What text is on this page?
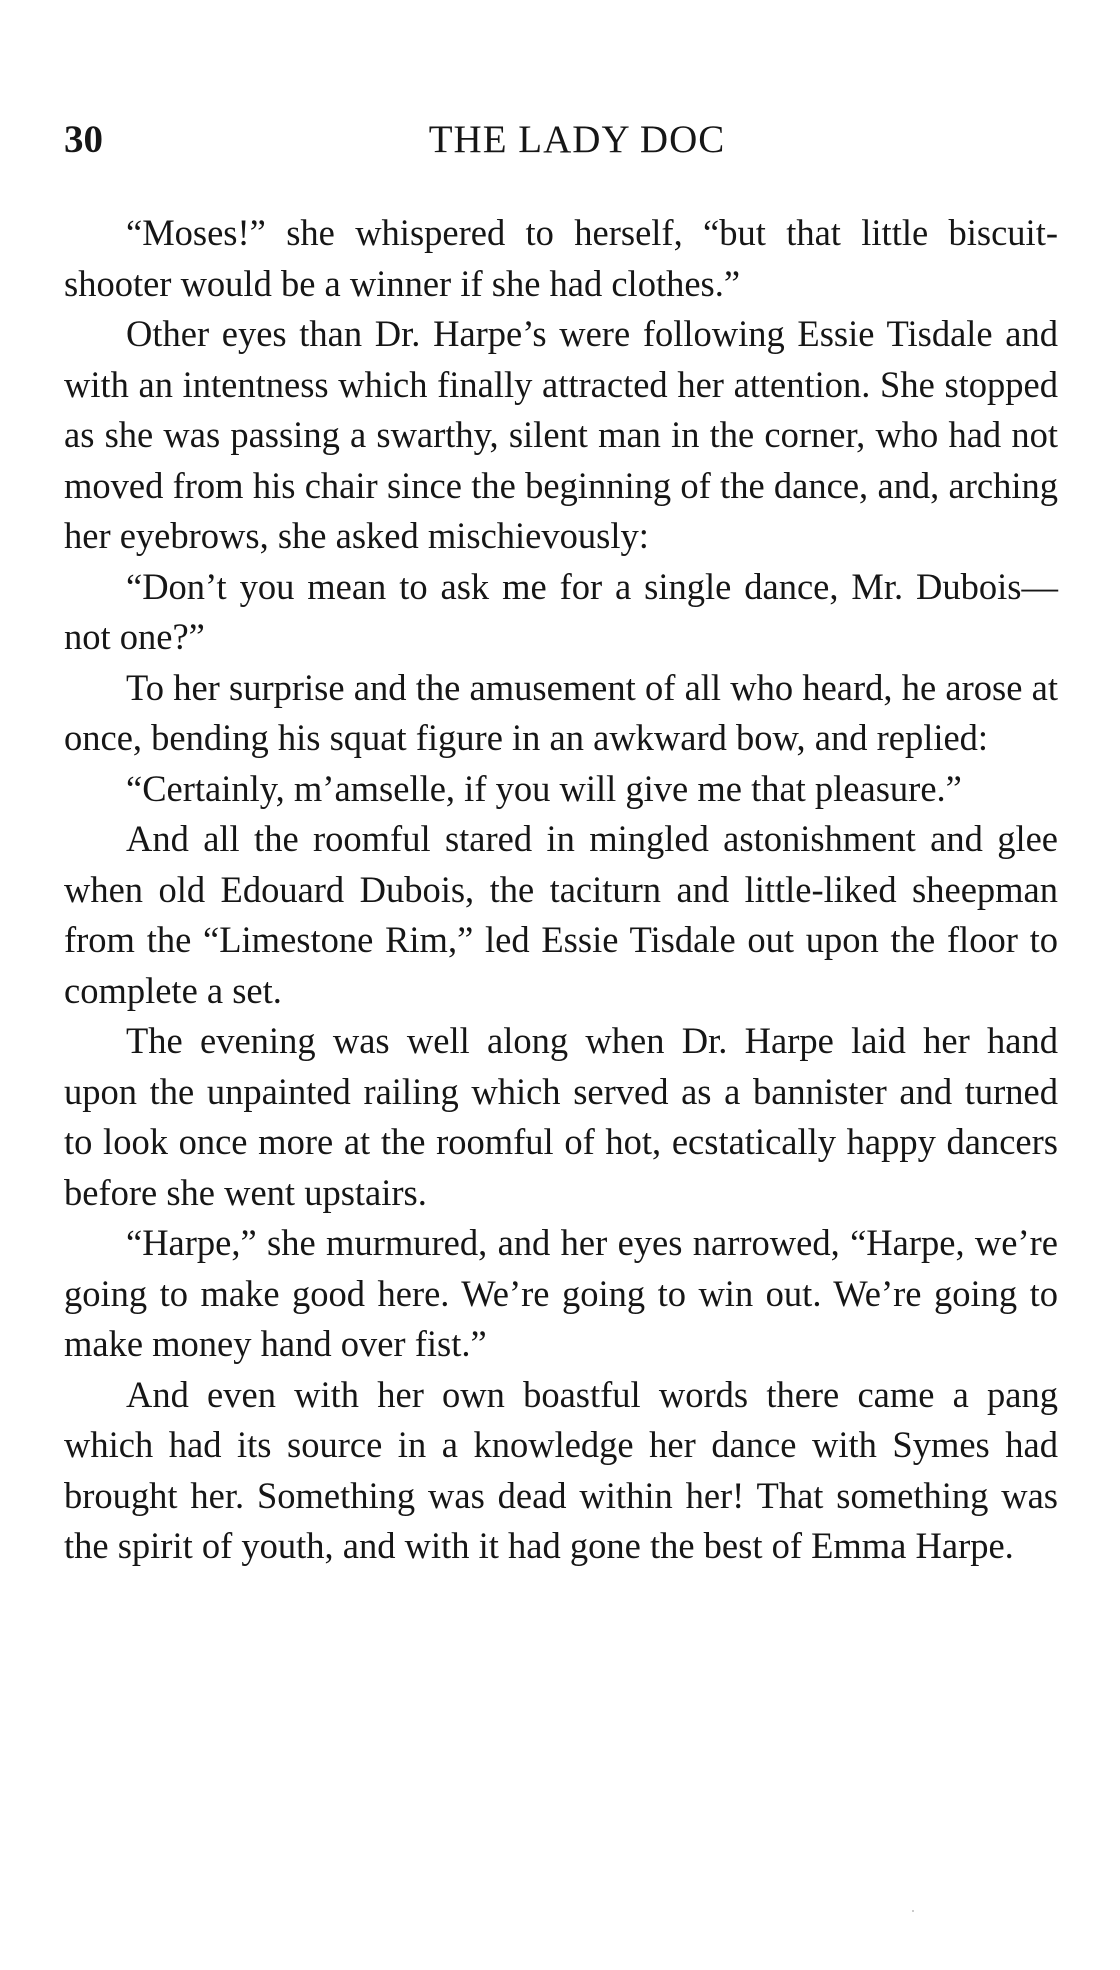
30	THE LADY DOC

“Moses!” she whispered to herself, “but that little biscuit-shooter would be a winner if she had clothes.”

Other eyes than Dr. Harpe’s were following Essie Tisdale and with an intentness which finally attracted her attention. She stopped as she was passing a swarthy, silent man in the corner, who had not moved from his chair since the beginning of the dance, and, arching her eyebrows, she asked mischievously:

“Don’t you mean to ask me for a single dance, Mr. Dubois—not one?”

To her surprise and the amusement of all who heard, he arose at once, bending his squat figure in an awkward bow, and replied:

“Certainly, m’amselle, if you will give me that pleasure.”

And all the roomful stared in mingled astonishment and glee when old Edouard Dubois, the taciturn and little-liked sheepman from the “Limestone Rim,” led Essie Tisdale out upon the floor to complete a set.

The evening was well along when Dr. Harpe laid her hand upon the unpainted railing which served as a bannister and turned to look once more at the roomful of hot, ecstatically happy dancers before she went upstairs.

“Harpe,” she murmured, and her eyes narrowed, “Harpe, we’re going to make good here. We’re going to win out. We’re going to make money hand over fist.”

And even with her own boastful words there came a pang which had its source in a knowledge her dance with Symes had brought her. Something was dead within her! That something was the spirit of youth, and with it had gone the best of Emma Harpe.
